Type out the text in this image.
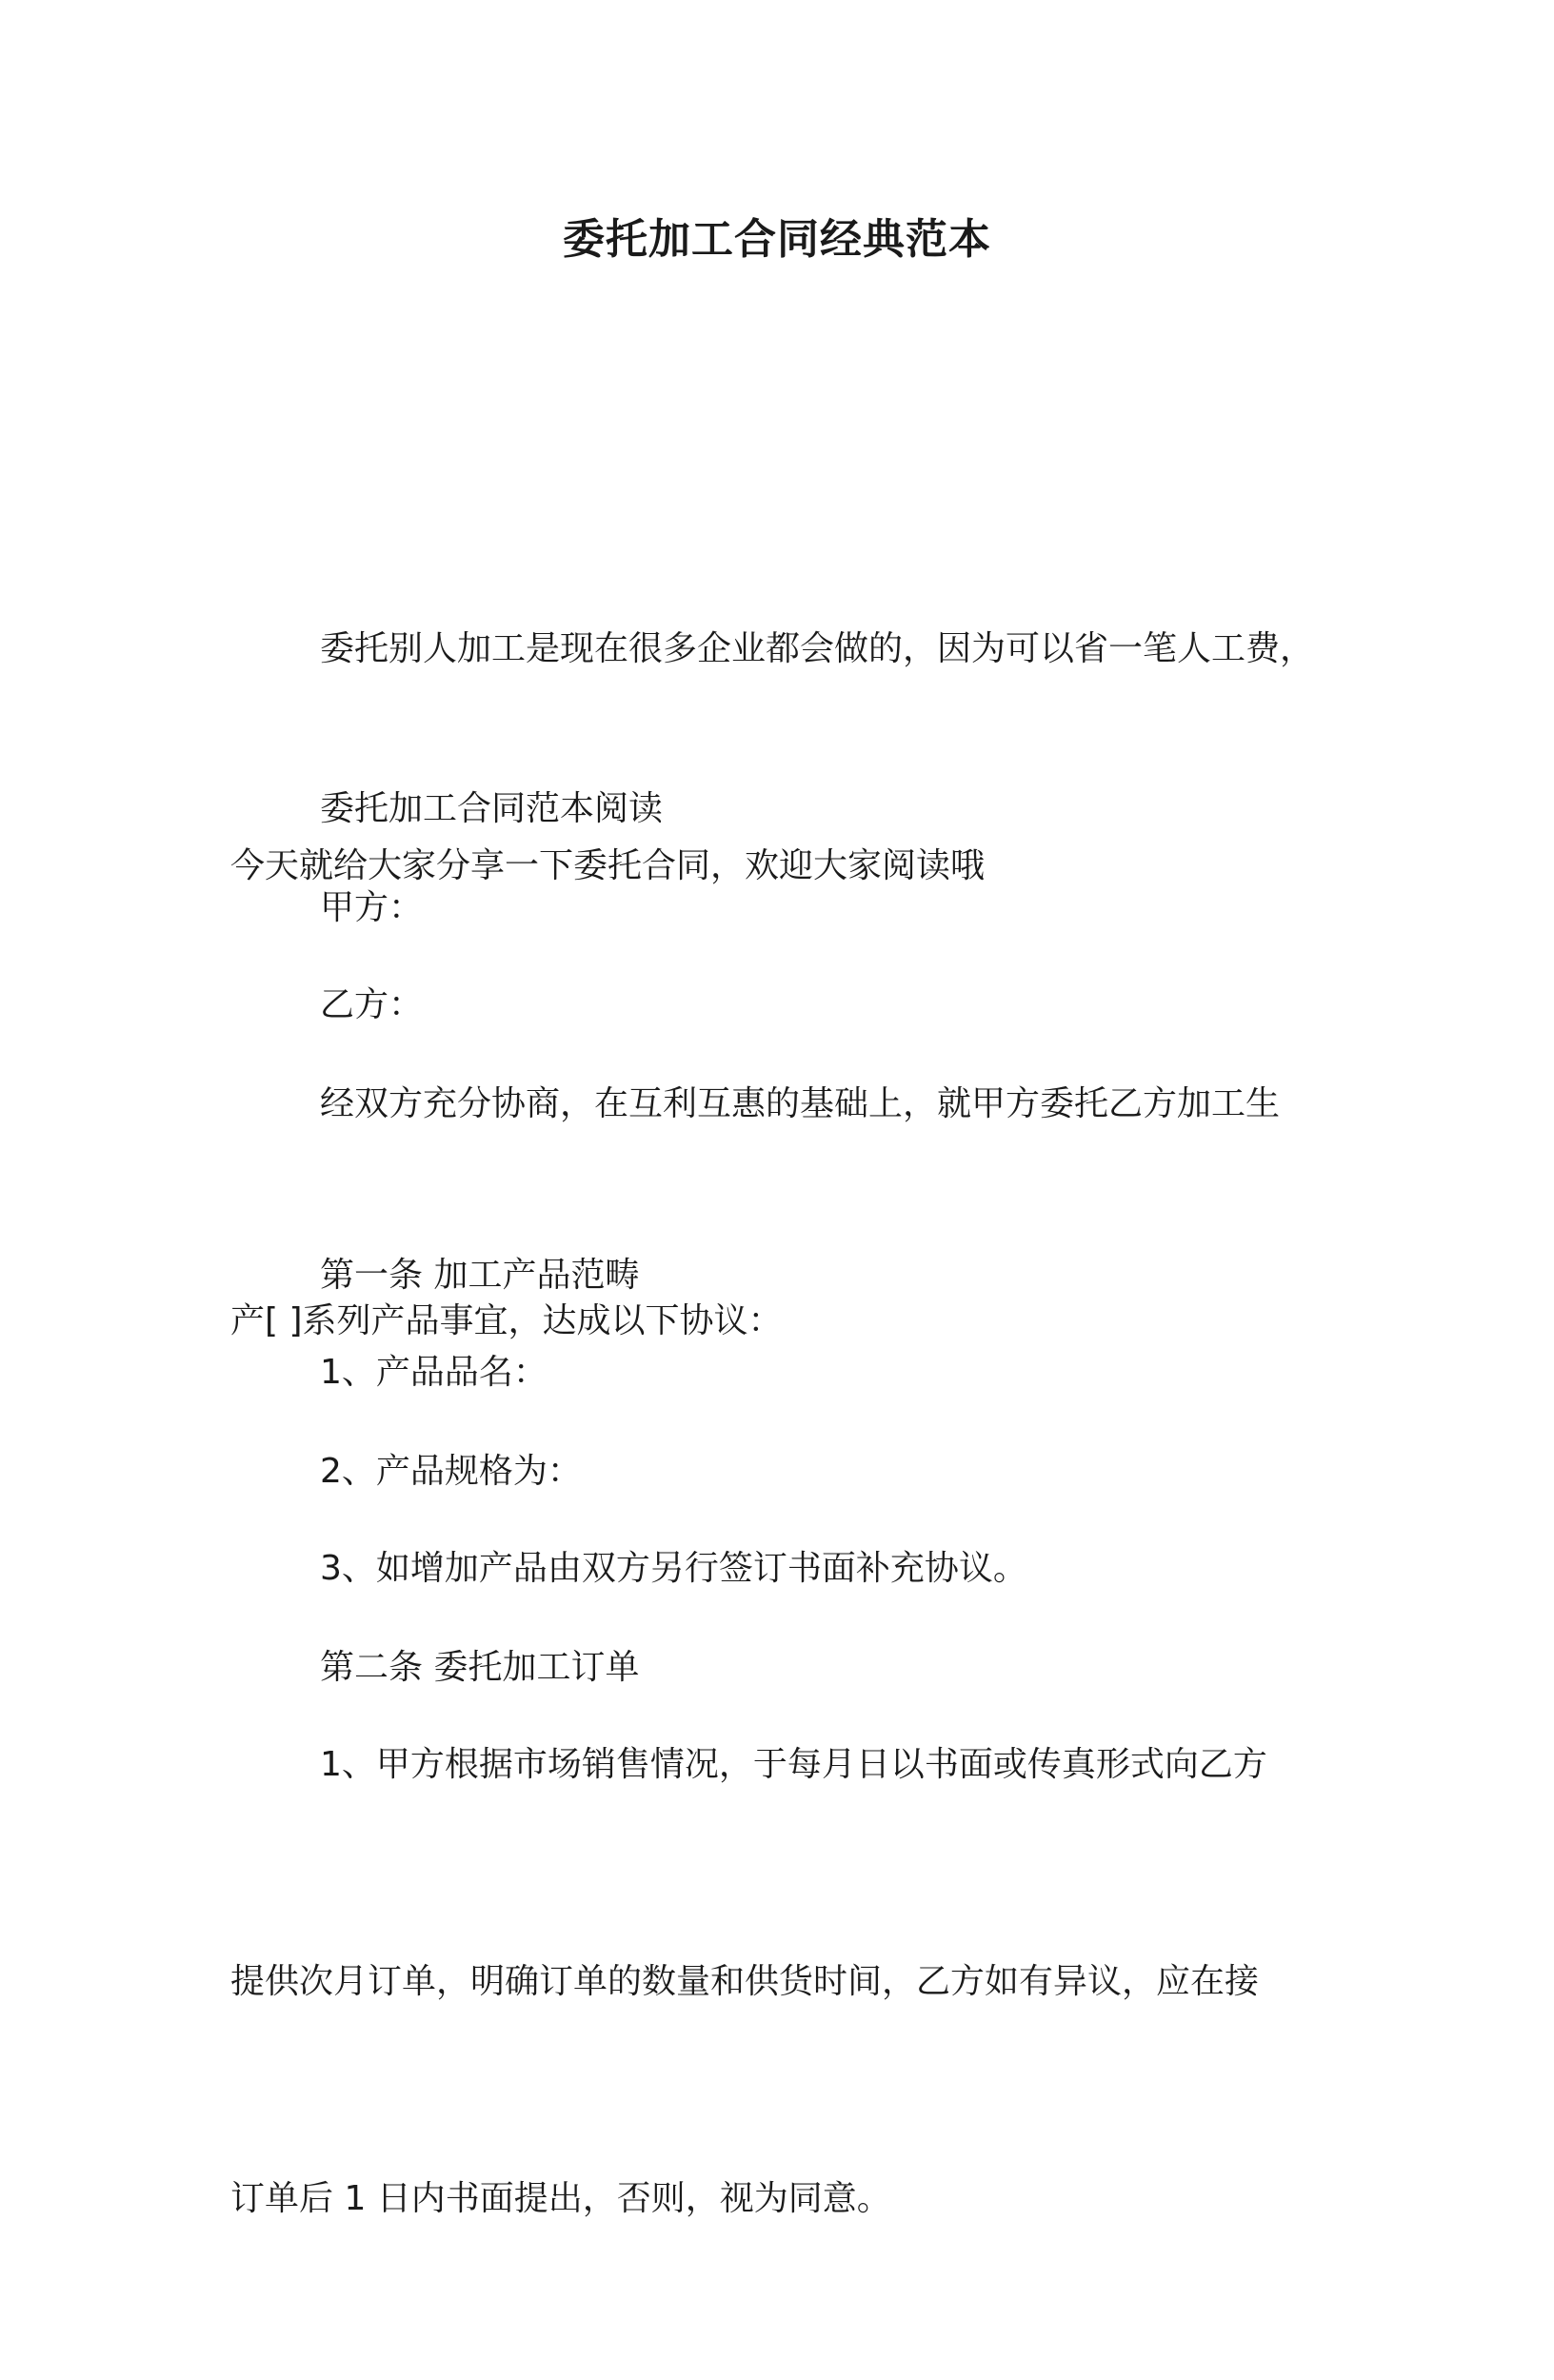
委托加工合同经典范本

委托别人加工是现在很多企业都会做的，因为可以省一笔人工费，

今天就给大家分享一下委托合同，欢迎大家阅读哦

委托加工合同范本阅读

甲方：

乙方：

经双方充分协商，在互利互惠的基础上，就甲方委托乙方加工生

产[ ]系列产品事宜，达成以下协议：

第一条 加工产品范畴

1、产品品名：

2、产品规格为：

3、如增加产品由双方另行签订书面补充协议。

第二条 委托加工订单

1、甲方根据市场销售情况，于每月日以书面或传真形式向乙方

提供次月订单，明确订单的数量和供货时间，乙方如有异议，应在接

订单后 1 日内书面提出，否则，视为同意。
